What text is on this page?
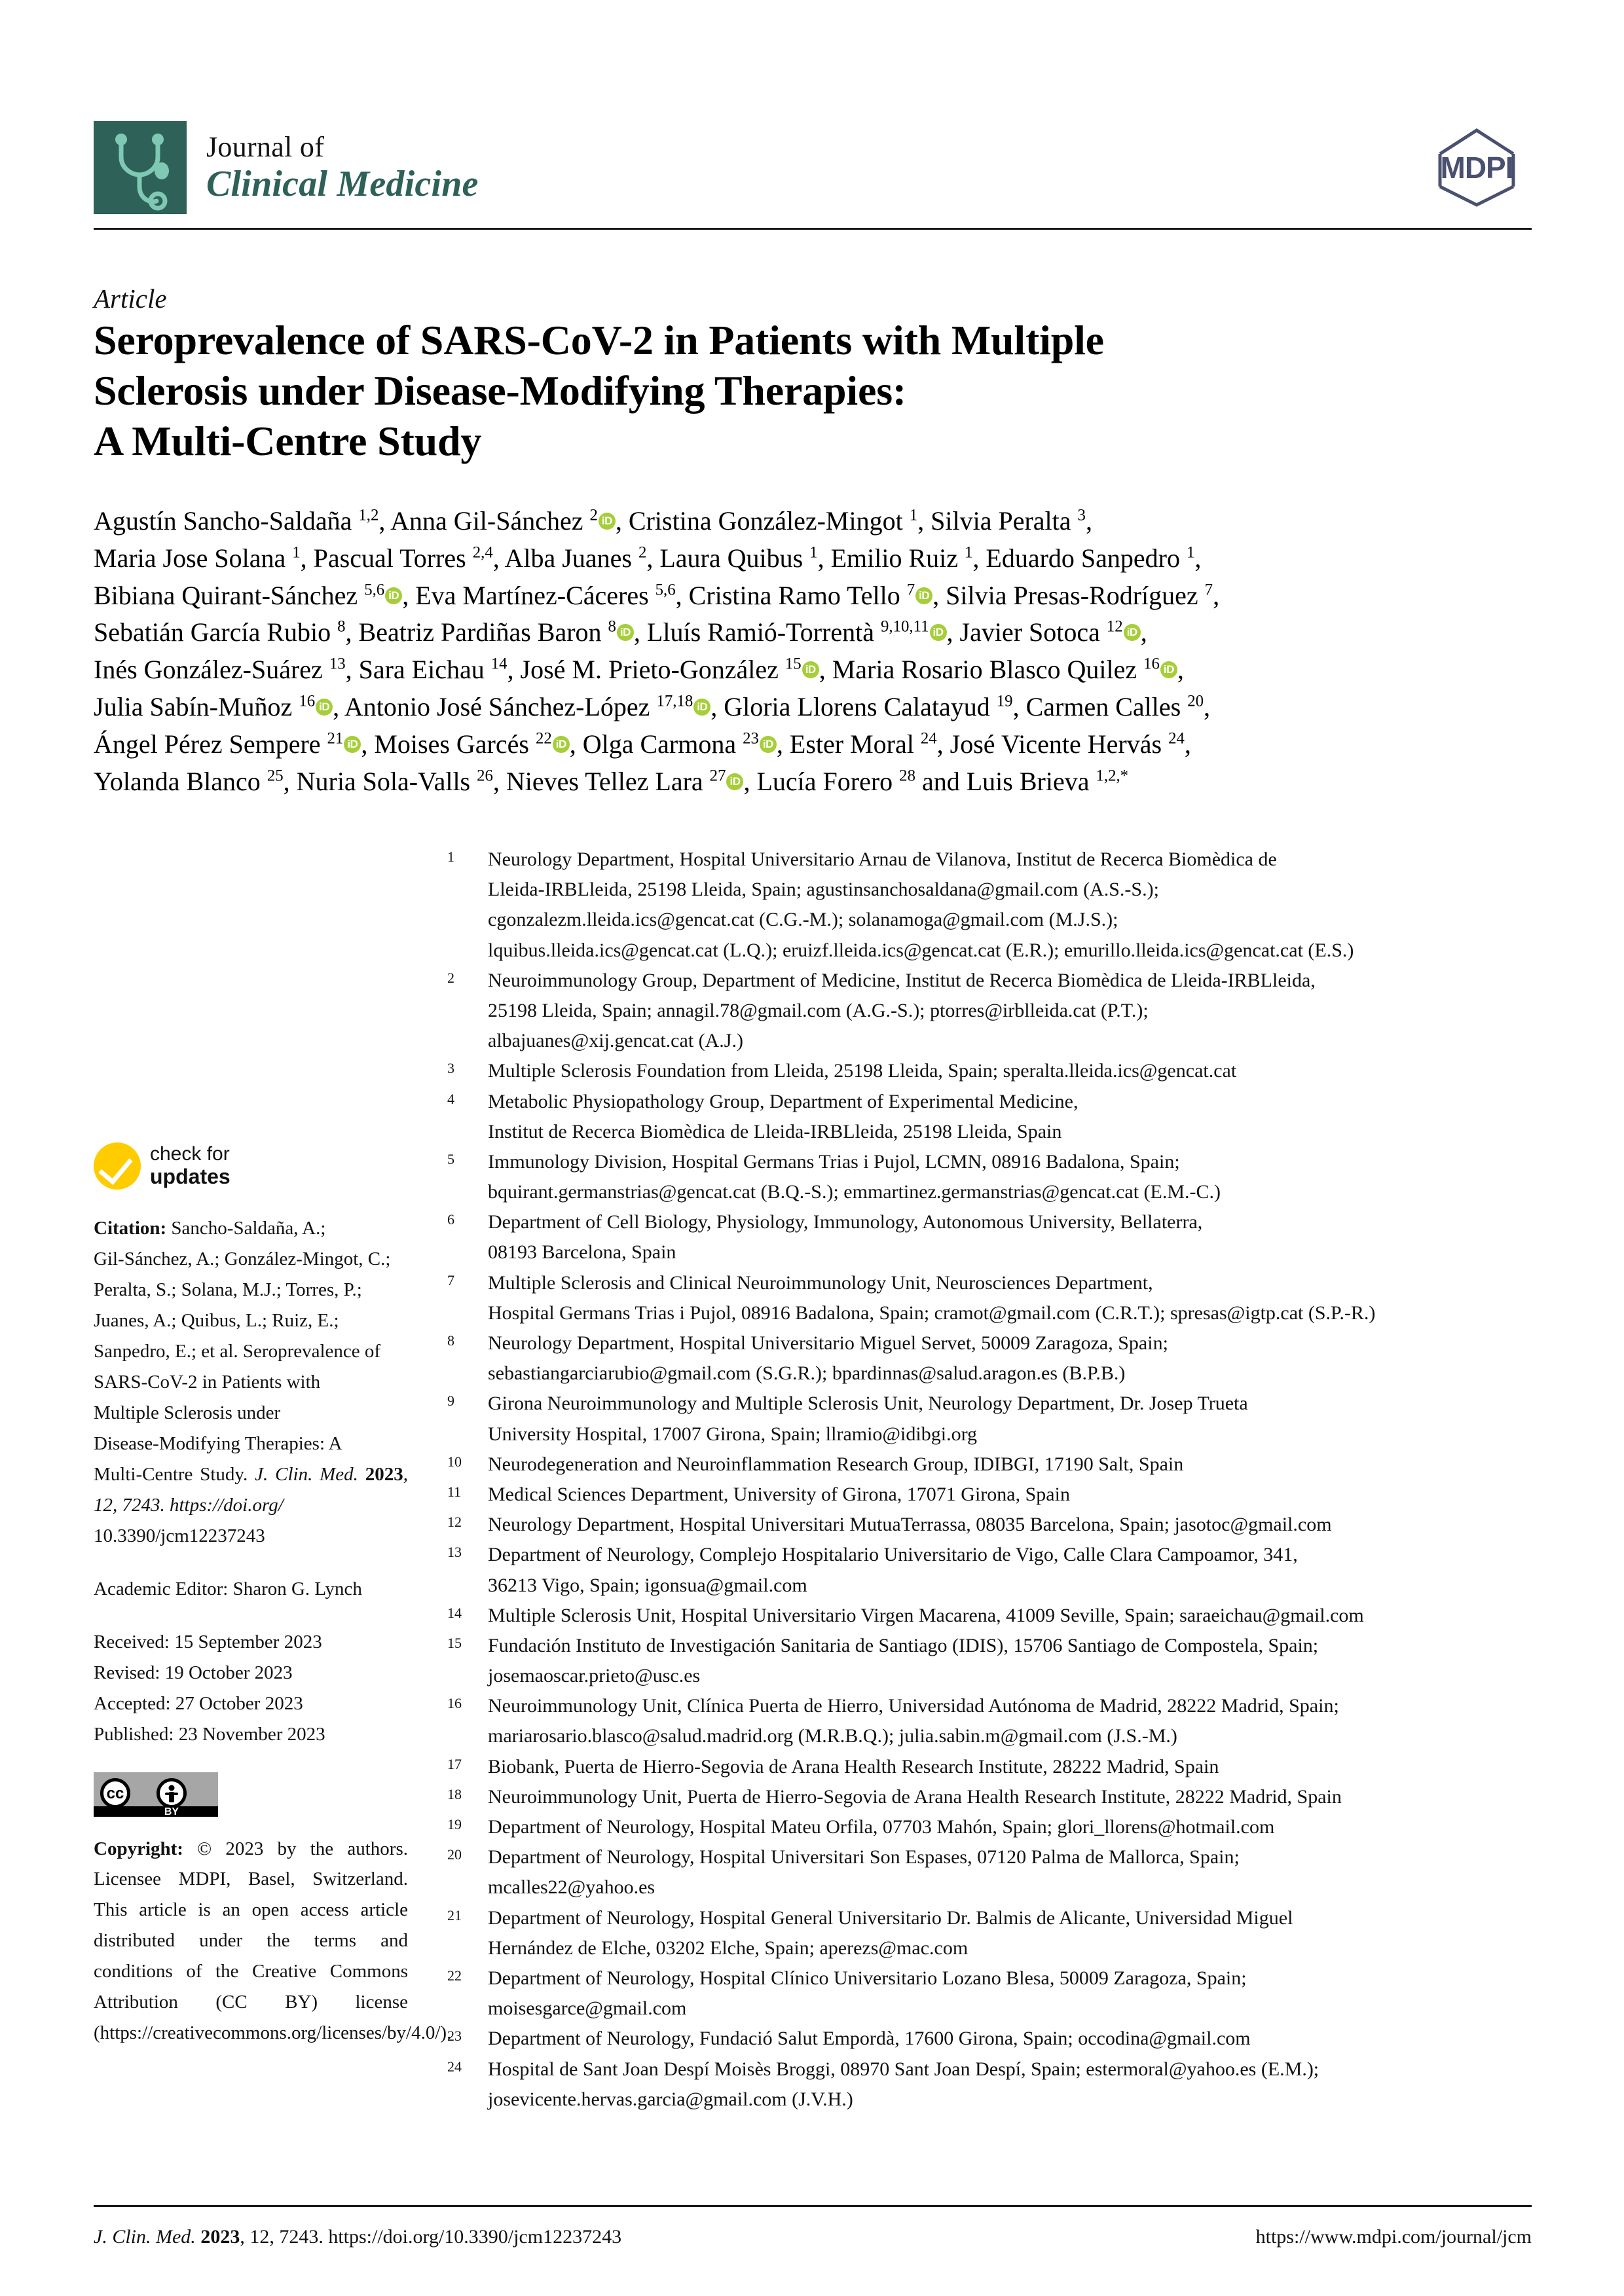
Journal of
Clinical Medicine	MDPI
Article
Seroprevalence of SARS-CoV-2 in Patients with Multiple
Sclerosis under Disease-Modifying Therapies:
A Multi-Centre Study
Agustín Sancho-Saldaña $^{1,2}$, Anna Gil-Sánchez $^2$ iD , Cristina González-Mingot $^1$, Silvia Peralta $^3$,
Maria Jose Solana $^1$, Pascual Torres $^{2,4}$, Alba Juanes $^2$, Laura Quibus $^1$, Emilio Ruiz $^1$, Eduardo Sanpedro $^1$,
Bibiana Quirant-Sánchez $^{5,6}$ iD , Eva Martínez-Cáceres $^{5,6}$, Cristina Ramo Tello $^7$ iD , Silvia Presas-Rodríguez $^7$,
Sebatián García Rubio $^8$, Beatriz Pardiñas Baron $^8$ iD , Lluís Ramió-Torrentà $^{9,10,11}$ iD , Javier Sotoca $^{12}$ iD ,
Inés González-Suárez $^{13}$, Sara Eichau $^{14}$, José M. Prieto-González $^{15}$ iD , Maria Rosario Blasco Quilez $^{16}$ iD ,
Julia Sabín-Muñoz $^{16}$ iD , Antonio José Sánchez-López $^{17,18}$ iD , Gloria Llorens Calatayud $^{19}$, Carmen Calles $^{20}$,
Ángel Pérez Sempere $^{21}$ iD , Moises Garcés $^{22}$ iD , Olga Carmona $^{23}$ iD , Ester Moral $^{24}$, José Vicente Hervás $^{24}$,
Yolanda Blanco $^{25}$, Nuria Sola-Valls $^{26}$, Nieves Tellez Lara $^{27}$ iD , Lucía Forero $^{28}$ and Luis Brieva $^{1,2,*}$
check for
updates
Citation: Sancho-Saldaña, A.;
Gil-Sánchez, A.; González-Mingot, C.;
Peralta, S.; Solana, M.J.; Torres, P.;
Juanes, A.; Quibus, L.; Ruiz, E.;
Sanpedro, E.; et al. Seroprevalence of
SARS-CoV-2 in Patients with
Multiple Sclerosis under
Disease-Modifying Therapies: A
Multi-Centre Study. J. Clin. Med. 2023, 12, 7243. https://doi.org/
10.3390/jcm12237243
Academic Editor: Sharon G. Lynch
Received: 15 September 2023
Revised: 19 October 2023
Accepted: 27 October 2023
Published: 23 November 2023
cc
BY
Copyright: © 2023 by the authors. Licensee MDPI, Basel, Switzerland. This article is an open access article distributed under the terms and conditions of the Creative Commons Attribution (CC BY) license (https://creativecommons.org/licenses/by/4.0/).
1	Neurology Department, Hospital Universitario Arnau de Vilanova, Institut de Recerca Biomèdica de
Lleida-IRBLleida, 25198 Lleida, Spain; agustinsanchosaldana@gmail.com (A.S.-S.);
cgonzalezm.lleida.ics@gencat.cat (C.G.-M.); solanamoga@gmail.com (M.J.S.);
lquibus.lleida.ics@gencat.cat (L.Q.); eruizf.lleida.ics@gencat.cat (E.R.); emurillo.lleida.ics@gencat.cat (E.S.)
2	Neuroimmunology Group, Department of Medicine, Institut de Recerca Biomèdica de Lleida-IRBLleida,
25198 Lleida, Spain; annagil.78@gmail.com (A.G.-S.); ptorres@irblleida.cat (P.T.);
albajuanes@xij.gencat.cat (A.J.)
3	Multiple Sclerosis Foundation from Lleida, 25198 Lleida, Spain; speralta.lleida.ics@gencat.cat
4	Metabolic Physiopathology Group, Department of Experimental Medicine,
Institut de Recerca Biomèdica de Lleida-IRBLleida, 25198 Lleida, Spain
5	Immunology Division, Hospital Germans Trias i Pujol, LCMN, 08916 Badalona, Spain;
bquirant.germanstrias@gencat.cat (B.Q.-S.); emmartinez.germanstrias@gencat.cat (E.M.-C.)
6	Department of Cell Biology, Physiology, Immunology, Autonomous University, Bellaterra,
08193 Barcelona, Spain
7	Multiple Sclerosis and Clinical Neuroimmunology Unit, Neurosciences Department,
Hospital Germans Trias i Pujol, 08916 Badalona, Spain; cramot@gmail.com (C.R.T.); spresas@igtp.cat (S.P.-R.)
8	Neurology Department, Hospital Universitario Miguel Servet, 50009 Zaragoza, Spain;
sebastiangarciarubio@gmail.com (S.G.R.); bpardinnas@salud.aragon.es (B.P.B.)
9	Girona Neuroimmunology and Multiple Sclerosis Unit, Neurology Department, Dr. Josep Trueta
University Hospital, 17007 Girona, Spain; llramio@idibgi.org
10	Neurodegeneration and Neuroinflammation Research Group, IDIBGI, 17190 Salt, Spain
11	Medical Sciences Department, University of Girona, 17071 Girona, Spain
12	Neurology Department, Hospital Universitari MutuaTerrassa, 08035 Barcelona, Spain; jasotoc@gmail.com
13	Department of Neurology, Complejo Hospitalario Universitario de Vigo, Calle Clara Campoamor, 341,
36213 Vigo, Spain; igonsua@gmail.com
14	Multiple Sclerosis Unit, Hospital Universitario Virgen Macarena, 41009 Seville, Spain; saraeichau@gmail.com
15	Fundación Instituto de Investigación Sanitaria de Santiago (IDIS), 15706 Santiago de Compostela, Spain;
josemaoscar.prieto@usc.es
16	Neuroimmunology Unit, Clínica Puerta de Hierro, Universidad Autónoma de Madrid, 28222 Madrid, Spain;
mariarosario.blasco@salud.madrid.org (M.R.B.Q.); julia.sabin.m@gmail.com (J.S.-M.)
17	Biobank, Puerta de Hierro-Segovia de Arana Health Research Institute, 28222 Madrid, Spain
18	Neuroimmunology Unit, Puerta de Hierro-Segovia de Arana Health Research Institute, 28222 Madrid, Spain
19	Department of Neurology, Hospital Mateu Orfila, 07703 Mahón, Spain; glori_llorens@hotmail.com
20	Department of Neurology, Hospital Universitari Son Espases, 07120 Palma de Mallorca, Spain;
mcalles22@yahoo.es
21	Department of Neurology, Hospital General Universitario Dr. Balmis de Alicante, Universidad Miguel
Hernández de Elche, 03202 Elche, Spain; aperezs@mac.com
22	Department of Neurology, Hospital Clínico Universitario Lozano Blesa, 50009 Zaragoza, Spain;
moisesgarce@gmail.com
23	Department of Neurology, Fundació Salut Empordà, 17600 Girona, Spain; occodina@gmail.com
24	Hospital de Sant Joan Despí Moisès Broggi, 08970 Sant Joan Despí, Spain; estermoral@yahoo.es (E.M.);
josevicente.hervas.garcia@gmail.com (J.V.H.)
J. Clin. Med. 2023, 12, 7243. https://doi.org/10.3390/jcm12237243	https://www.mdpi.com/journal/jcm
